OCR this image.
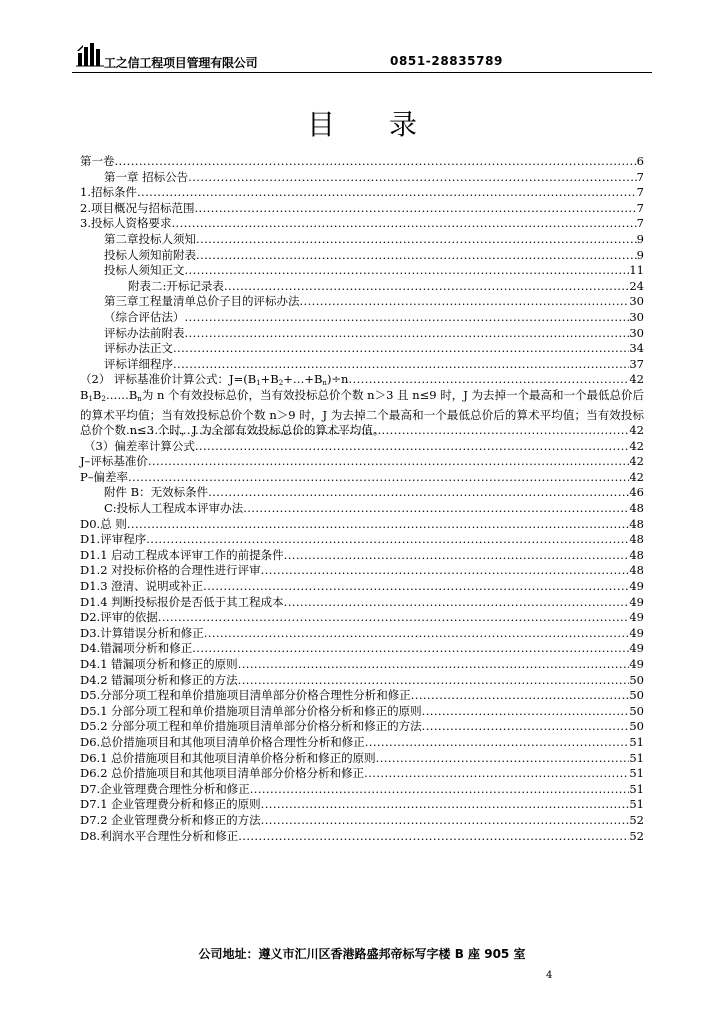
工之信工程项目管理有限公司	0851-28835789
目录
第一卷 .....	6
第一章 招标公告 .....	7
1.招标条件 .....	7
2.项目概况与招标范围 .....	7
3.投标人资格要求 .....	7
第二章投标人须知 .....	9
投标人须知前附表 .....	9
投标人须知正文 .....	11
附表二:开标记录表 .....	24
第三章工程量清单总价子目的评标办法 .....	30
（综合评估法） .....	30
评标办法前附表 .....	30
评标办法正文 .....	34
评标详细程序 .....	37
（2） 评标基准价计算公式：$J=(B_1+B_2+\dots+B_n)\div n$ .....	42
$B_1B_2\dots\dots B_n$为 n 个有效投标总价，当有效投标总价个数 n＞3 且 n≤9 时，J 为去掉一个最高和一个最低总价后的算术平均值；当有效投标总价个数 n＞9 时，J 为去掉二个最高和一个最低总价后的算术平均值；当有效投标总价个数 n≤3 个时，J 为全部有效投标总价的算术平均值。 .....	42
（3）偏差率计算公式 .....	42
J–评标基准价 .....	42
P–偏差率 .....	42
附件 B：无效标条件 .....	46
C:投标人工程成本评审办法 .....	48
D0.总 则 .....	48
D1.评审程序 .....	48
D1.1 启动工程成本评审工作的前提条件 .....	48
D1.2 对投标价格的合理性进行评审 .....	48
D1.3 澄清、说明或补正 .....	49
D1.4 判断投标报价是否低于其工程成本 .....	49
D2.评审的依据 .....	49
D3.计算错误分析和修正 .....	49
D4.错漏项分析和修正 .....	49
D4.1 错漏项分析和修正的原则 .....	49
D4.2 错漏项分析和修正的方法 .....	50
D5.分部分项工程和单价措施项目清单部分价格合理性分析和修正 .....	50
D5.1 分部分项工程和单价措施项目清单部分价格分析和修正的原则 .....	50
D5.2 分部分项工程和单价措施项目清单部分价格分析和修正的方法 .....	50
D6.总价措施项目和其他项目清单价格合理性分析和修正 .....	51
D6.1 总价措施项目和其他项目清单价格分析和修正的原则 .....	51
D6.2 总价措施项目和其他项目清单部分价格分析和修正 .....	51
D7.企业管理费合理性分析和修正 .....	51
D7.1 企业管理费分析和修正的原则 .....	51
D7.2 企业管理费分析和修正的方法 .....	52
D8.利润水平合理性分析和修正 .....	52
公司地址：遵义市汇川区香港路盛邦帝标写字楼 B 座 905 室
4
